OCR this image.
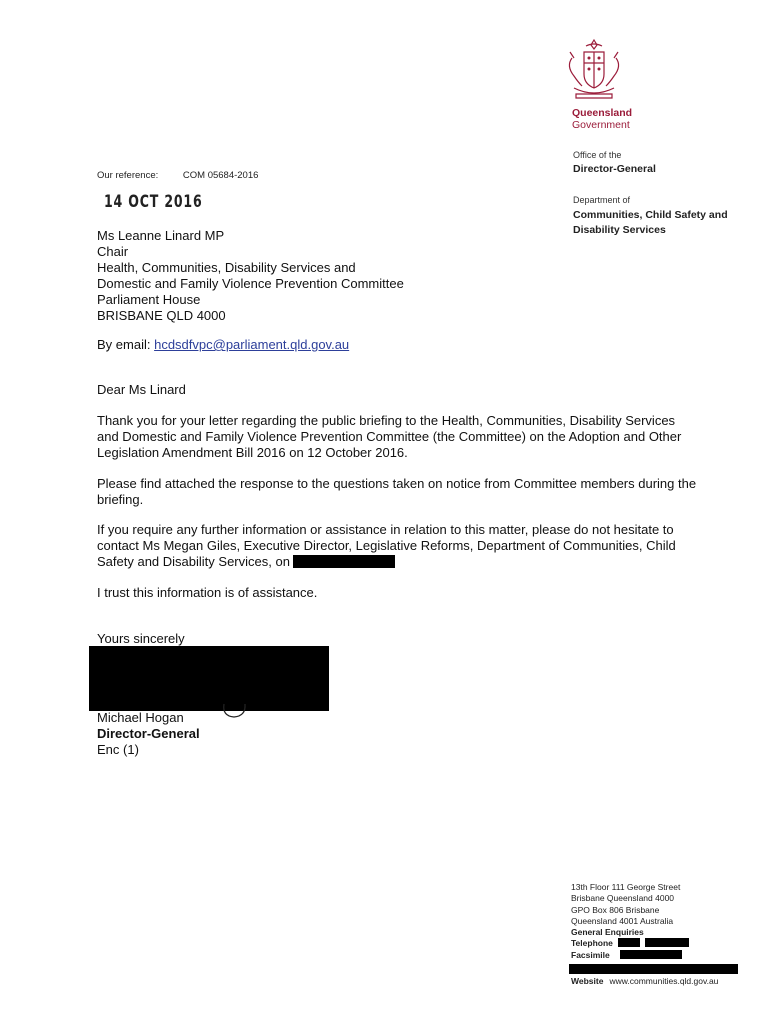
Queensland
Government
Office of the
Director-General
Department of
Communities, Child Safety and Disability Services
Our reference:	COM 05684-2016
14 OCT 2016
Ms Leanne Linard MP
Chair
Health, Communities, Disability Services and
Domestic and Family Violence Prevention Committee
Parliament House
BRISBANE QLD 4000
By email: hcdsdfvpc@parliament.qld.gov.au
Dear Ms Linard
Thank you for your letter regarding the public briefing to the Health, Communities, Disability Services and Domestic and Family Violence Prevention Committee (the Committee) on the Adoption and Other Legislation Amendment Bill 2016 on 12 October 2016.
Please find attached the response to the questions taken on notice from Committee members during the briefing.
If you require any further information or assistance in relation to this matter, please do not hesitate to contact Ms Megan Giles, Executive Director, Legislative Reforms, Department of Communities, Child Safety and Disability Services, on
I trust this information is of assistance.
Yours sincerely
Michael Hogan
Director-General
Enc (1)
13th Floor 111 George Street
Brisbane Queensland 4000
GPO Box 806 Brisbane
Queensland 4001 Australia
General Enquiries
Telephone
Facsimile
Website www.communities.qld.gov.au
